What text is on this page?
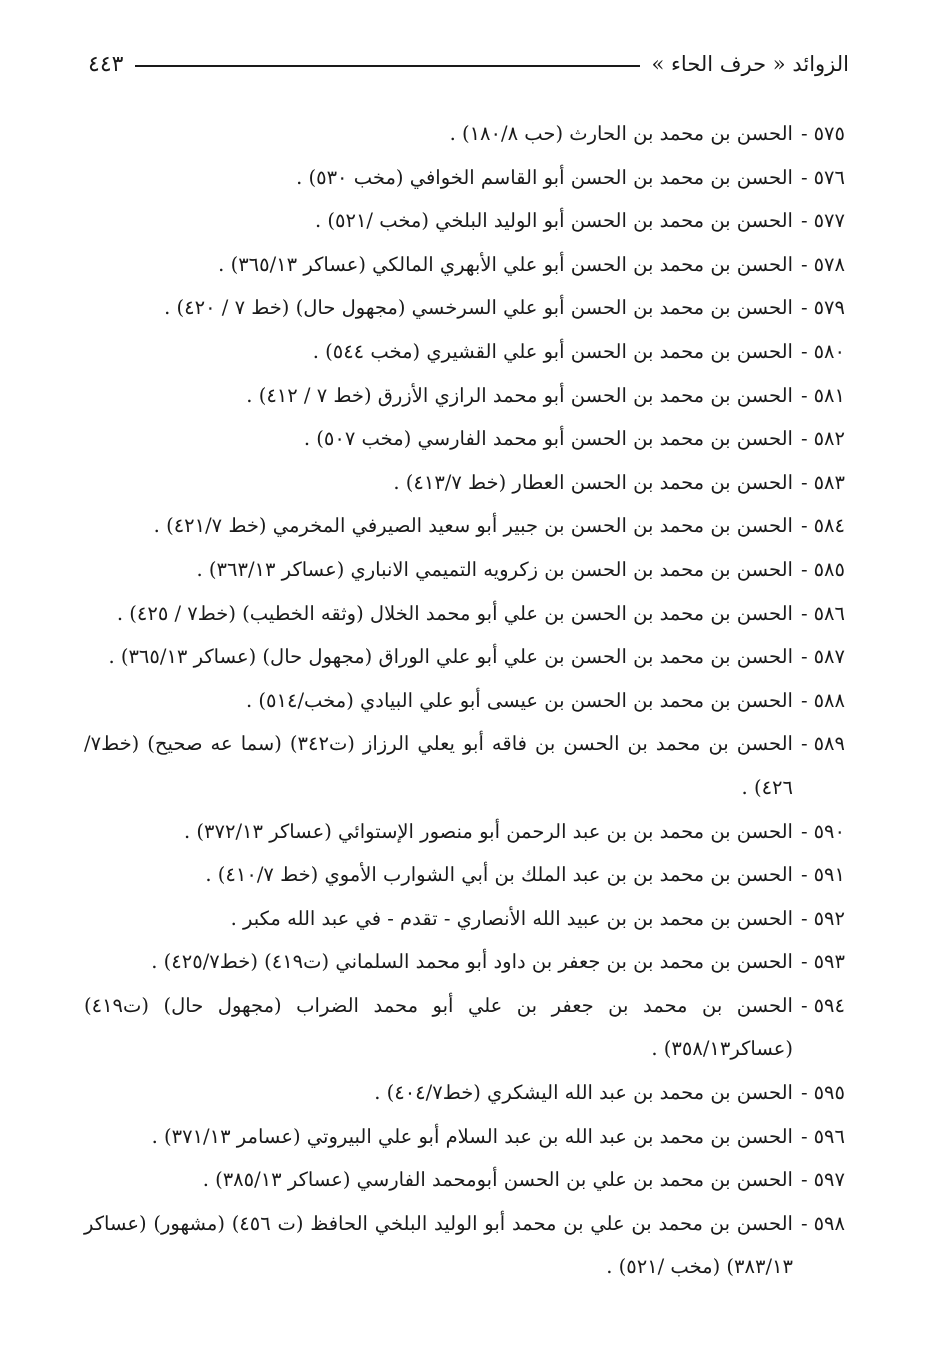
الزوائد « حرف الحاء »
٤٤٣
٥٧٥
-
الحسن بن محمد بن الحارث (حب ١٨٠/٨) .
٥٧٦
-
الحسن بن محمد بن الحسن أبو القاسم الخوافي (مخب ٥٣٠) .
٥٧٧
-
الحسن بن محمد بن الحسن أبو الوليد البلخي (مخب /٥٢١) .
٥٧٨
-
الحسن بن محمد بن الحسن أبو علي الأبهري المالكي (عساكر ٣٦٥/١٣) .
٥٧٩
-
الحسن بن محمد بن الحسن أبو علي السرخسي (مجهول حال) (خط ٧ / ٤٢٠) .
٥٨٠
-
الحسن بن محمد بن الحسن أبو علي القشيري (مخب ٥٤٤) .
٥٨١
-
الحسن بن محمد بن الحسن أبو محمد الرازي الأزرق (خط ٧ / ٤١٢) .
٥٨٢
-
الحسن بن محمد بن الحسن أبو محمد الفارسي (مخب ٥٠٧) .
٥٨٣
-
الحسن بن محمد بن الحسن العطار (خط ٤١٣/٧) .
٥٨٤
-
الحسن بن محمد بن الحسن بن جبير أبو سعيد الصيرفي المخرمي (خط ٤٢١/٧) .
٥٨٥
-
الحسن بن محمد بن الحسن بن زكرويه التميمي الانباري (عساكر ٣٦٣/١٣) .
٥٨٦
-
الحسن بن محمد بن الحسن بن علي أبو محمد الخلال (وثقه الخطيب) (خط٧ / ٤٢٥) .
٥٨٧
-
الحسن بن محمد بن الحسن بن علي أبو علي الوراق (مجهول حال) (عساكر ٣٦٥/١٣) .
٥٨٨
-
الحسن بن محمد بن الحسن بن عيسى أبو علي البيادي (مخب/٥١٤) .
٥٨٩
-
الحسن بن محمد بن الحسن بن فاقه أبو يعلي الرزاز (ت٣٤٢) (سما عه صحيح) (خط٧/ ٤٢٦) .
٥٩٠
-
الحسن بن محمد بن بن عبد الرحمن أبو منصور الإستوائي (عساكر ٣٧٢/١٣) .
٥٩١
-
الحسن بن محمد بن بن عبد الملك بن أبي الشوارب الأموي (خط ٤١٠/٧) .
٥٩٢
-
الحسن بن محمد بن بن عبيد الله الأنصاري - تقدم - في عبد الله مكبر .
٥٩٣
-
الحسن بن محمد بن بن جعفر بن داود أبو محمد السلماني (ت٤١٩) (خط٤٢٥/٧) .
٥٩٤
-
الحسن بن محمد بن جعفر بن علي أبو محمد الضراب (مجهول حال) (ت٤١٩) (عساكر٣٥٨/١٣) .
٥٩٥
-
الحسن بن محمد بن عبد الله اليشكري (خط٤٠٤/٧) .
٥٩٦
-
الحسن بن محمد بن عبد الله بن عبد السلام أبو علي البيروتي (عسامر ٣٧١/١٣) .
٥٩٧
-
الحسن بن محمد بن علي بن الحسن أبومحمد الفارسي (عساكر ٣٨٥/١٣) .
٥٩٨
-
الحسن بن محمد بن علي بن محمد أبو الوليد البلخي الحافظ (ت ٤٥٦) (مشهور) (عساكر ٣٨٣/١٣) (مخب /٥٢١) .
